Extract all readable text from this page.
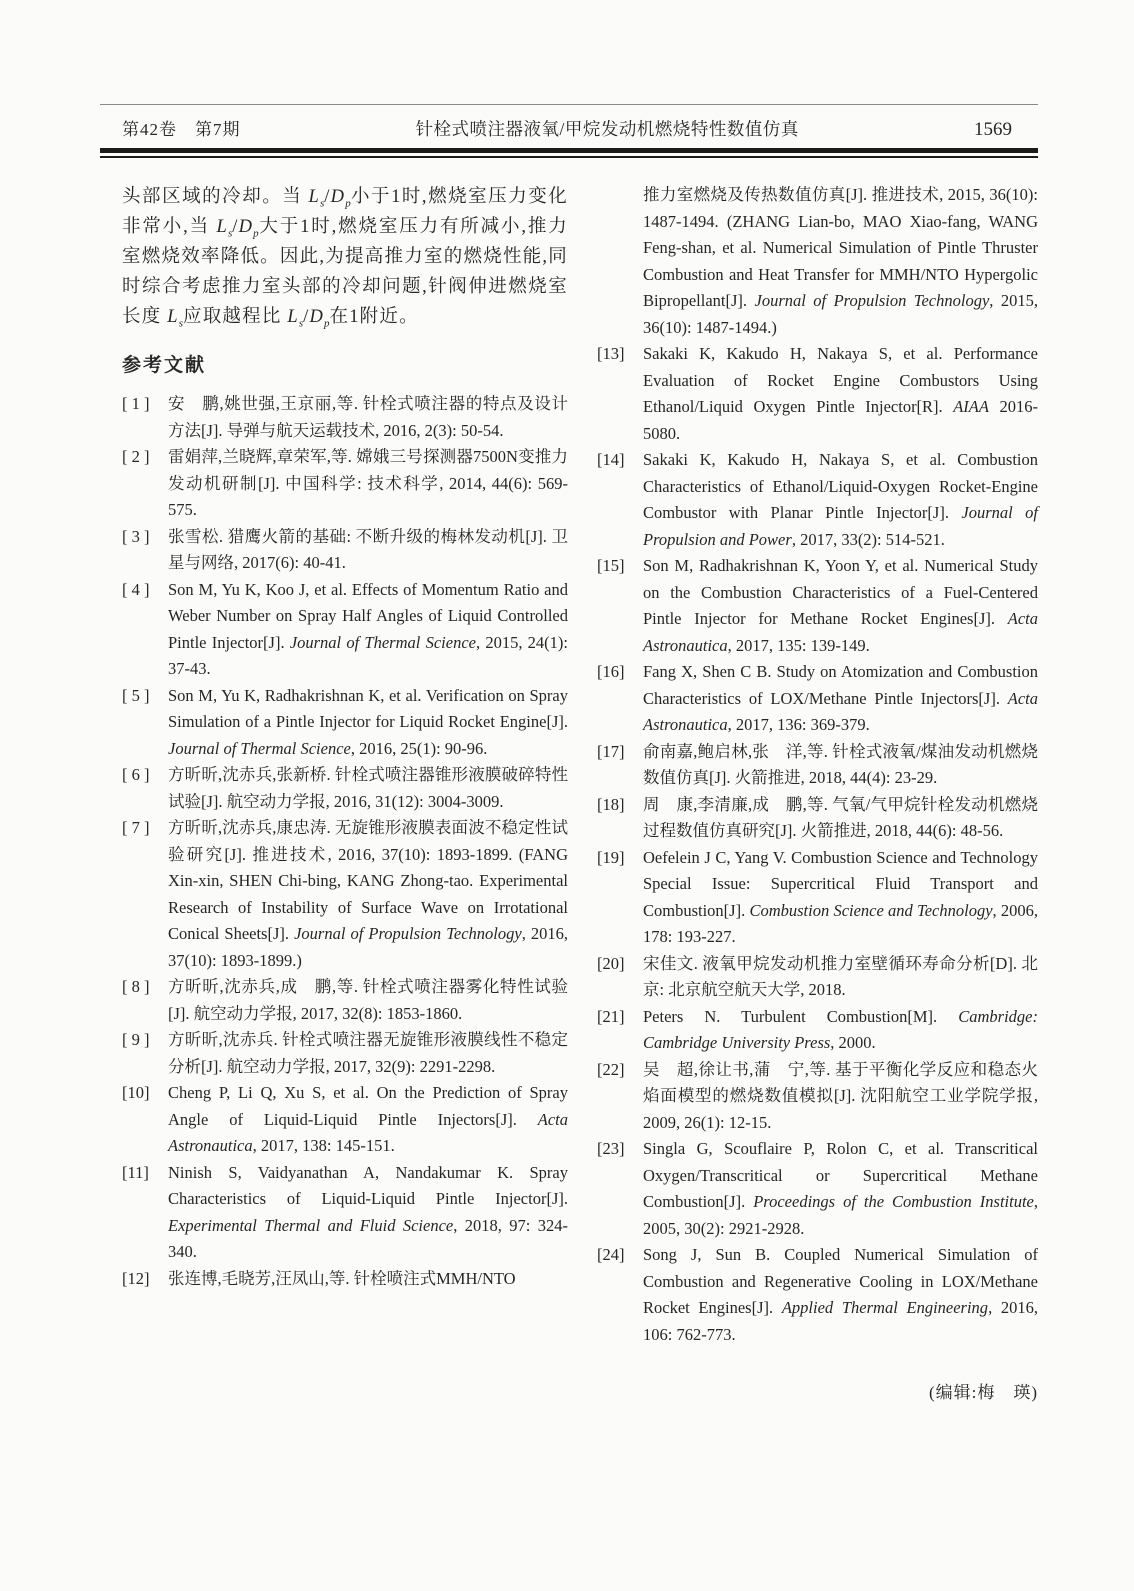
第42卷　第7期	针栓式喷注器液氧/甲烷发动机燃烧特性数值仿真	1569

头部区域的冷却。当 $L_s/D_p$小于1时,燃烧室压力变化非常小,当 $L_s/D_p$大于1时,燃烧室压力有所减小,推力室燃烧效率降低。因此,为提高推力室的燃烧性能,同时综合考虑推力室头部的冷却问题,针阀伸进燃烧室长度 $L_s$应取越程比 $L_s/D_p$在1附近。

参考文献
[ 1 ]	安　鹏,姚世强,王京丽,等. 针栓式喷注器的特点及设计方法[J]. 导弹与航天运载技术, 2016, 2(3): 50-54.
[ 2 ]	雷娟萍,兰晓辉,章荣军,等. 嫦娥三号探测器7500N变推力发动机研制[J]. 中国科学: 技术科学, 2014, 44(6): 569-575.
[ 3 ]	张雪松. 猎鹰火箭的基础: 不断升级的梅林发动机[J]. 卫星与网络, 2017(6): 40-41.
[ 4 ]	Son M, Yu K, Koo J, et al. Effects of Momentum Ratio and Weber Number on Spray Half Angles of Liquid Controlled Pintle Injector[J]. Journal of Thermal Science, 2015, 24(1): 37-43.
[ 5 ]	Son M, Yu K, Radhakrishnan K, et al. Verification on Spray Simulation of a Pintle Injector for Liquid Rocket Engine[J]. Journal of Thermal Science, 2016, 25(1): 90-96.
[ 6 ]	方昕昕,沈赤兵,张新桥. 针栓式喷注器锥形液膜破碎特性试验[J]. 航空动力学报, 2016, 31(12): 3004-3009.
[ 7 ]	方昕昕,沈赤兵,康忠涛. 无旋锥形液膜表面波不稳定性试验研究[J]. 推进技术, 2016, 37(10): 1893-1899. (FANG Xin-xin, SHEN Chi-bing, KANG Zhong-tao. Experimental Research of Instability of Surface Wave on Irrotational Conical Sheets[J]. Journal of Propulsion Technology, 2016, 37(10): 1893-1899.)
[ 8 ]	方昕昕,沈赤兵,成　鹏,等. 针栓式喷注器雾化特性试验[J]. 航空动力学报, 2017, 32(8): 1853-1860.
[ 9 ]	方昕昕,沈赤兵. 针栓式喷注器无旋锥形液膜线性不稳定分析[J]. 航空动力学报, 2017, 32(9): 2291-2298.
[10]	Cheng P, Li Q, Xu S, et al. On the Prediction of Spray Angle of Liquid-Liquid Pintle Injectors[J]. Acta Astronautica, 2017, 138: 145-151.
[11]	Ninish S, Vaidyanathan A, Nandakumar K. Spray Characteristics of Liquid-Liquid Pintle Injector[J]. Experimental Thermal and Fluid Science, 2018, 97: 324-340.
[12]	张连博,毛晓芳,汪凤山,等. 针栓喷注式MMH/NTO
推力室燃烧及传热数值仿真[J]. 推进技术, 2015, 36(10): 1487-1494. (ZHANG Lian-bo, MAO Xiao-fang, WANG Feng-shan, et al. Numerical Simulation of Pintle Thruster Combustion and Heat Transfer for MMH/NTO Hypergolic Bipropellant[J]. Journal of Propulsion Technology, 2015, 36(10): 1487-1494.)
[13]	Sakaki K, Kakudo H, Nakaya S, et al. Performance Evaluation of Rocket Engine Combustors Using Ethanol/Liquid Oxygen Pintle Injector[R]. AIAA 2016-5080.
[14]	Sakaki K, Kakudo H, Nakaya S, et al. Combustion Characteristics of Ethanol/Liquid-Oxygen Rocket-Engine Combustor with Planar Pintle Injector[J]. Journal of Propulsion and Power, 2017, 33(2): 514-521.
[15]	Son M, Radhakrishnan K, Yoon Y, et al. Numerical Study on the Combustion Characteristics of a Fuel-Centered Pintle Injector for Methane Rocket Engines[J]. Acta Astronautica, 2017, 135: 139-149.
[16]	Fang X, Shen C B. Study on Atomization and Combustion Characteristics of LOX/Methane Pintle Injectors[J]. Acta Astronautica, 2017, 136: 369-379.
[17]	俞南嘉,鲍启林,张　洋,等. 针栓式液氧/煤油发动机燃烧数值仿真[J]. 火箭推进, 2018, 44(4): 23-29.
[18]	周　康,李清廉,成　鹏,等. 气氧/气甲烷针栓发动机燃烧过程数值仿真研究[J]. 火箭推进, 2018, 44(6): 48-56.
[19]	Oefelein J C, Yang V. Combustion Science and Technology Special Issue: Supercritical Fluid Transport and Combustion[J]. Combustion Science and Technology, 2006, 178: 193-227.
[20]	宋佳文. 液氧甲烷发动机推力室壁循环寿命分析[D]. 北京: 北京航空航天大学, 2018.
[21]	Peters N. Turbulent Combustion[M]. Cambridge: Cambridge University Press, 2000.
[22]	吴　超,徐让书,蒲　宁,等. 基于平衡化学反应和稳态火焰面模型的燃烧数值模拟[J]. 沈阳航空工业学院学报, 2009, 26(1): 12-15.
[23]	Singla G, Scouflaire P, Rolon C, et al. Transcritical Oxygen/Transcritical or Supercritical Methane Combustion[J]. Proceedings of the Combustion Institute, 2005, 30(2): 2921-2928.
[24]	Song J, Sun B. Coupled Numerical Simulation of Combustion and Regenerative Cooling in LOX/Methane Rocket Engines[J]. Applied Thermal Engineering, 2016, 106: 762-773.

(编辑:梅　瑛)
